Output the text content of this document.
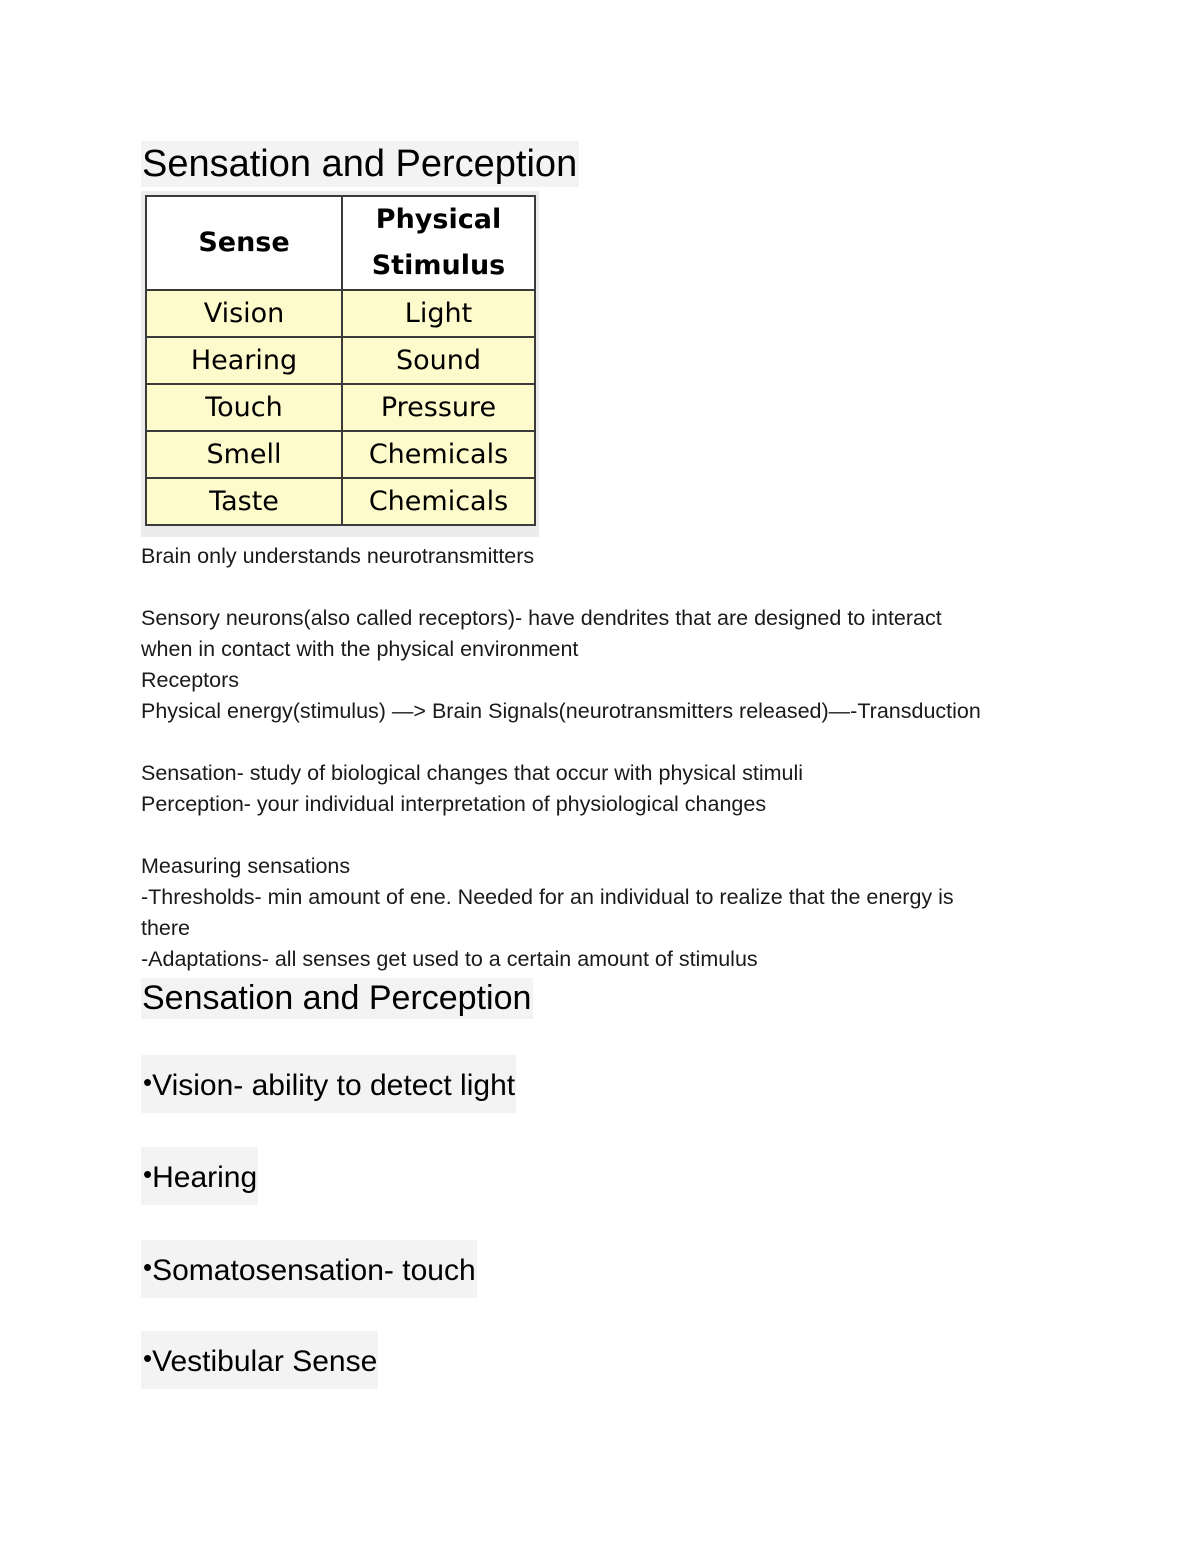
Sensation and Perception
Sense	Physical
Stimulus
Vision	Light
Hearing	Sound
Touch	Pressure
Smell	Chemicals
Taste	Chemicals
Brain only understands neurotransmitters
Sensory neurons(also called receptors)- have dendrites that are designed to interact
when in contact with the physical environment
Receptors
Physical energy(stimulus) —> Brain Signals(neurotransmitters released)—-Transduction
Sensation- study of biological changes that occur with physical stimuli
Perception- your individual interpretation of physiological changes
Measuring sensations
-Thresholds- min amount of ene. Needed for an individual to realize that the energy is
there
-Adaptations- all senses get used to a certain amount of stimulus
Sensation and Perception
•Vision- ability to detect light
•Hearing
•Somatosensation- touch
•Vestibular Sense
